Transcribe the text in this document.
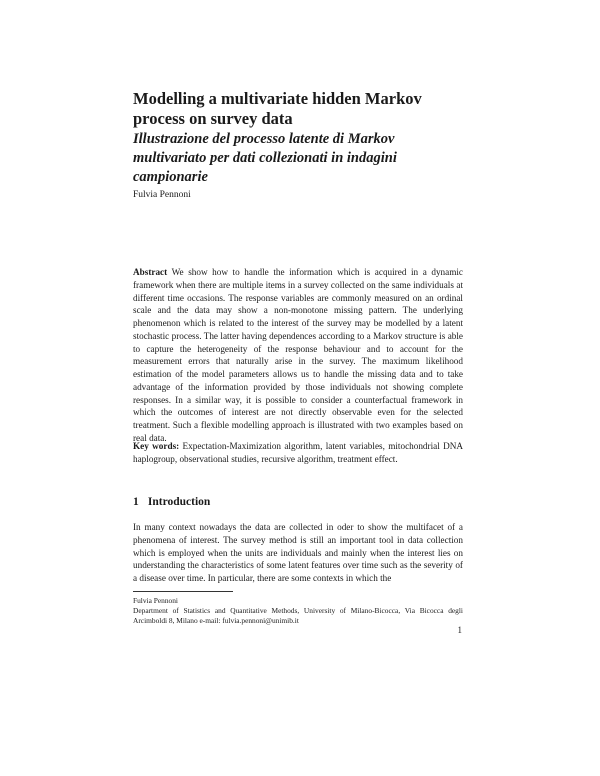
Modelling a multivariate hidden Markov process on survey data
Illustrazione del processo latente di Markov multivariato per dati collezionati in indagini campionarie
Fulvia Pennoni

Abstract We show how to handle the information which is acquired in a dynamic framework when there are multiple items in a survey collected on the same individuals at different time occasions. The response variables are commonly measured on an ordinal scale and the data may show a non-monotone missing pattern. The underlying phenomenon which is related to the interest of the survey may be modelled by a latent stochastic process. The latter having dependences according to a Markov structure is able to capture the heterogeneity of the response behaviour and to account for the measurement errors that naturally arise in the survey. The maximum likelihood estimation of the model parameters allows us to handle the missing data and to take advantage of the information provided by those individuals not showing complete responses. In a similar way, it is possible to consider a counterfactual framework in which the outcomes of interest are not directly observable even for the selected treatment. Such a flexible modelling approach is illustrated with two examples based on real data.

Key words: Expectation-Maximization algorithm, latent variables, mitochondrial DNA haplogroup, observational studies, recursive algorithm, treatment effect.

1 Introduction

In many context nowadays the data are collected in oder to show the multifacet of a phenomena of interest. The survey method is still an important tool in data collection which is employed when the units are individuals and mainly when the interest lies on understanding the characteristics of some latent features over time such as the severity of a disease over time. In particular, there are some contexts in which the

Fulvia Pennoni
Department of Statistics and Quantitative Methods, University of Milano-Bicocca, Via Bicocca degli Arcimboldi 8, Milano e-mail: fulvia.pennoni@unimib.it
1
